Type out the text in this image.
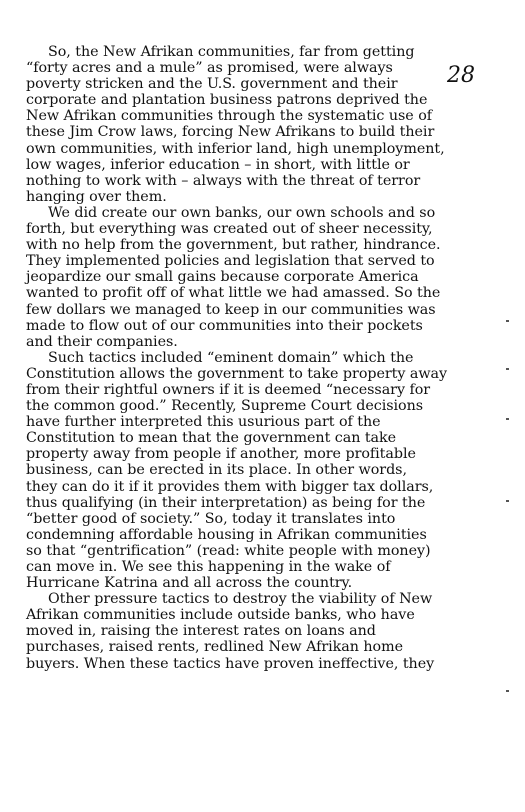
So, the New Afrikan communities, far from getting
“forty acres and a mule” as promised, were always
poverty stricken and the U.S. government and their
corporate and plantation business patrons deprived the
New Afrikan communities through the systematic use of
these Jim Crow laws, forcing New Afrikans to build their
own communities, with inferior land, high unemployment,
low wages, inferior education – in short, with little or
nothing to work with – always with the threat of terror
hanging over them.
We did create our own banks, our own schools and so
forth, but everything was created out of sheer necessity,
with no help from the government, but rather, hindrance.
They implemented policies and legislation that served to
jeopardize our small gains because corporate America
wanted to profit off of what little we had amassed. So the
few dollars we managed to keep in our communities was
made to flow out of our communities into their pockets
and their companies.
Such tactics included “eminent domain” which the
Constitution allows the government to take property away
from their rightful owners if it is deemed “necessary for
the common good.” Recently, Supreme Court decisions
have further interpreted this usurious part of the
Constitution to mean that the government can take
property away from people if another, more profitable
business, can be erected in its place. In other words,
they can do it if it provides them with bigger tax dollars,
thus qualifying (in their interpretation) as being for the
“better good of society.” So, today it translates into
condemning affordable housing in Afrikan communities
so that “gentrification” (read: white people with money)
can move in. We see this happening in the wake of
Hurricane Katrina and all across the country.
Other pressure tactics to destroy the viability of New
Afrikan communities include outside banks, who have
moved in, raising the interest rates on loans and
purchases, raised rents, redlined New Afrikan home
buyers. When these tactics have proven ineffective, they
28
